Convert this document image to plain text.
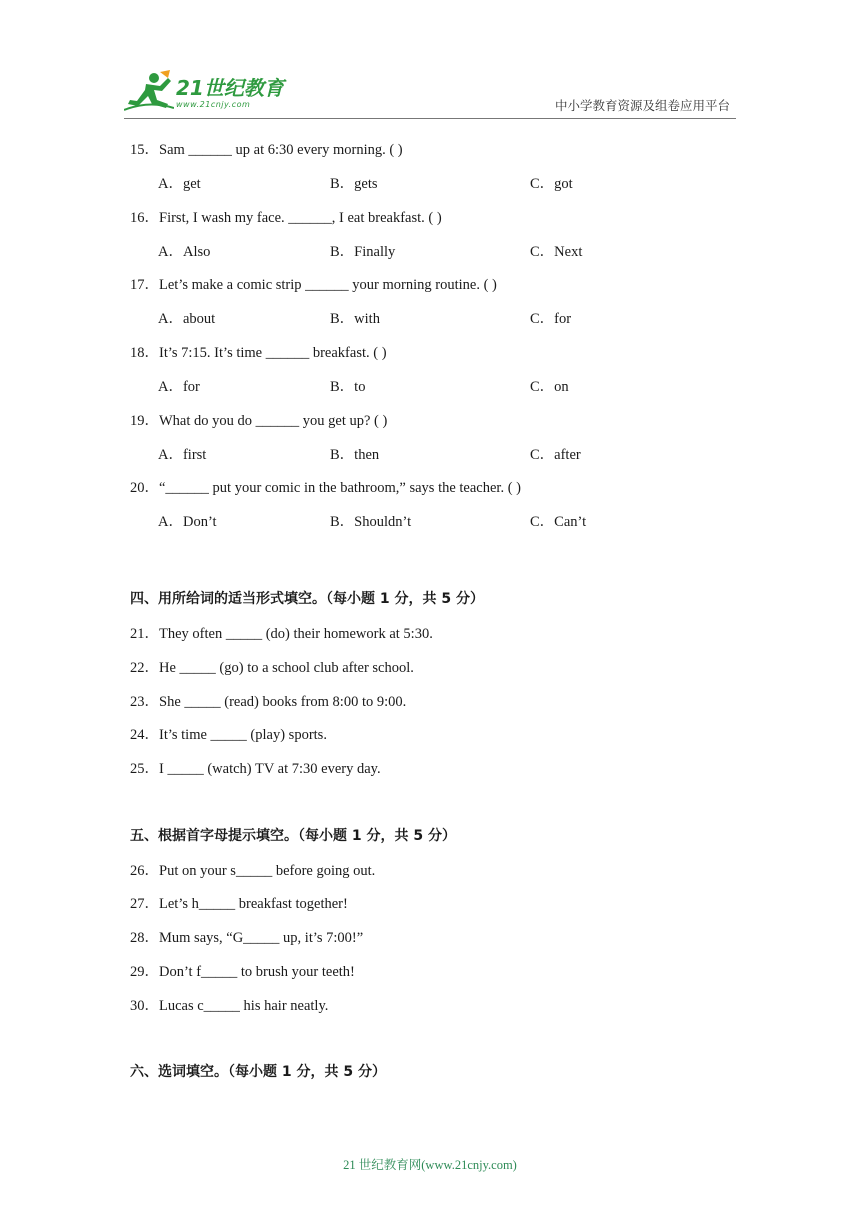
21世纪教育
www.21cnjy.com	中小学教育资源及组卷应用平台
15．Sam ______ up at 6:30 every morning. ( )
A．get	B．gets	C．got
16．First, I wash my face. ______, I eat breakfast. ( )
A．Also	B．Finally	C．Next
17．Let’s make a comic strip ______ your morning routine. ( )
A．about	B．with	C．for
18．It’s 7:15. It’s time ______ breakfast. ( )
A．for	B．to	C．on
19．What do you do ______ you get up? ( )
A．first	B．then	C．after
20．“______ put your comic in the bathroom,” says the teacher. ( )
A．Don’t	B．Shouldn’t	C．Can’t
四、用所给词的适当形式填空。（每小题 1 分，共 5 分）
21．They often _____ (do) their homework at 5:30.
22．He _____ (go) to a school club after school.
23．She _____ (read) books from 8:00 to 9:00.
24．It’s time _____ (play) sports.
25．I _____ (watch) TV at 7:30 every day.
五、根据首字母提示填空。（每小题 1 分，共 5 分）
26．Put on your s_____ before going out.
27．Let’s h_____ breakfast together!
28．Mum says, “G_____ up, it’s 7:00!”
29．Don’t f_____ to brush your teeth!
30．Lucas c_____ his hair neatly.
六、选词填空。（每小题 1 分，共 5 分）
21 世纪教育网(www.21cnjy.com)
